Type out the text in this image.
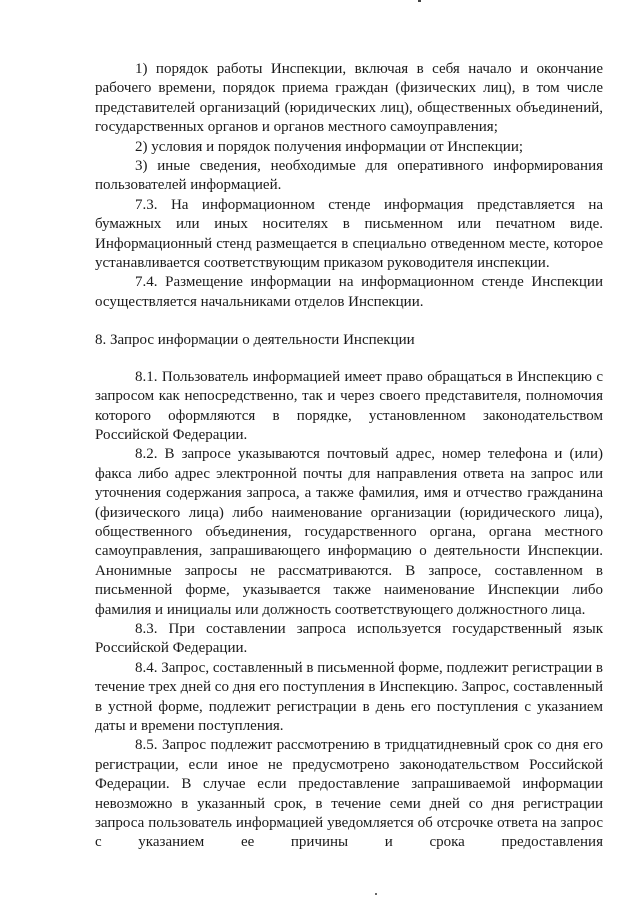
1) порядок работы Инспекции, включая в себя начало и окончание рабочего времени, порядок приема граждан (физических лиц), в том числе представителей организаций (юридических лиц), общественных объединений, государственных органов и органов местного самоуправления;

2) условия и порядок получения информации от Инспекции;

3) иные сведения, необходимые для оперативного информирования пользователей информацией.

7.3. На информационном стенде информация представляется на бумажных или иных носителях в письменном или печатном виде. Информационный стенд размещается в специально отведенном месте, которое устанавливается соответствующим приказом руководителя инспекции.

7.4. Размещение информации на информационном стенде Инспекции осуществляется начальниками отделов Инспекции.

8. Запрос информации о деятельности Инспекции

8.1. Пользователь информацией имеет право обращаться в Инспекцию с запросом как непосредственно, так и через своего представителя, полномочия которого оформляются в порядке, установленном законодательством Российской Федерации.

8.2. В запросе указываются почтовый адрес, номер телефона и (или) факса либо адрес электронной почты для направления ответа на запрос или уточнения содержания запроса, а также фамилия, имя и отчество гражданина (физического лица) либо наименование организации (юридического лица), общественного объединения, государственного органа, органа местного самоуправления, запрашивающего информацию о деятельности Инспекции. Анонимные запросы не рассматриваются. В запросе, составленном в письменной форме, указывается также наименование Инспекции либо фамилия и инициалы или должность соответствующего должностного лица.

8.3. При составлении запроса используется государственный язык Российской Федерации.

8.4. Запрос, составленный в письменной форме, подлежит регистрации в течение трех дней со дня его поступления в Инспекцию. Запрос, составленный в устной форме, подлежит регистрации в день его поступления с указанием даты и времени поступления.

8.5. Запрос подлежит рассмотрению в тридцатидневный срок со дня его регистрации, если иное не предусмотрено законодательством Российской Федерации. В случае если предоставление запрашиваемой информации невозможно в указанный срок, в течение семи дней со дня регистрации запроса пользователь информацией уведомляется об отсрочке ответа на запрос с указанием ее причины и срока предоставления
